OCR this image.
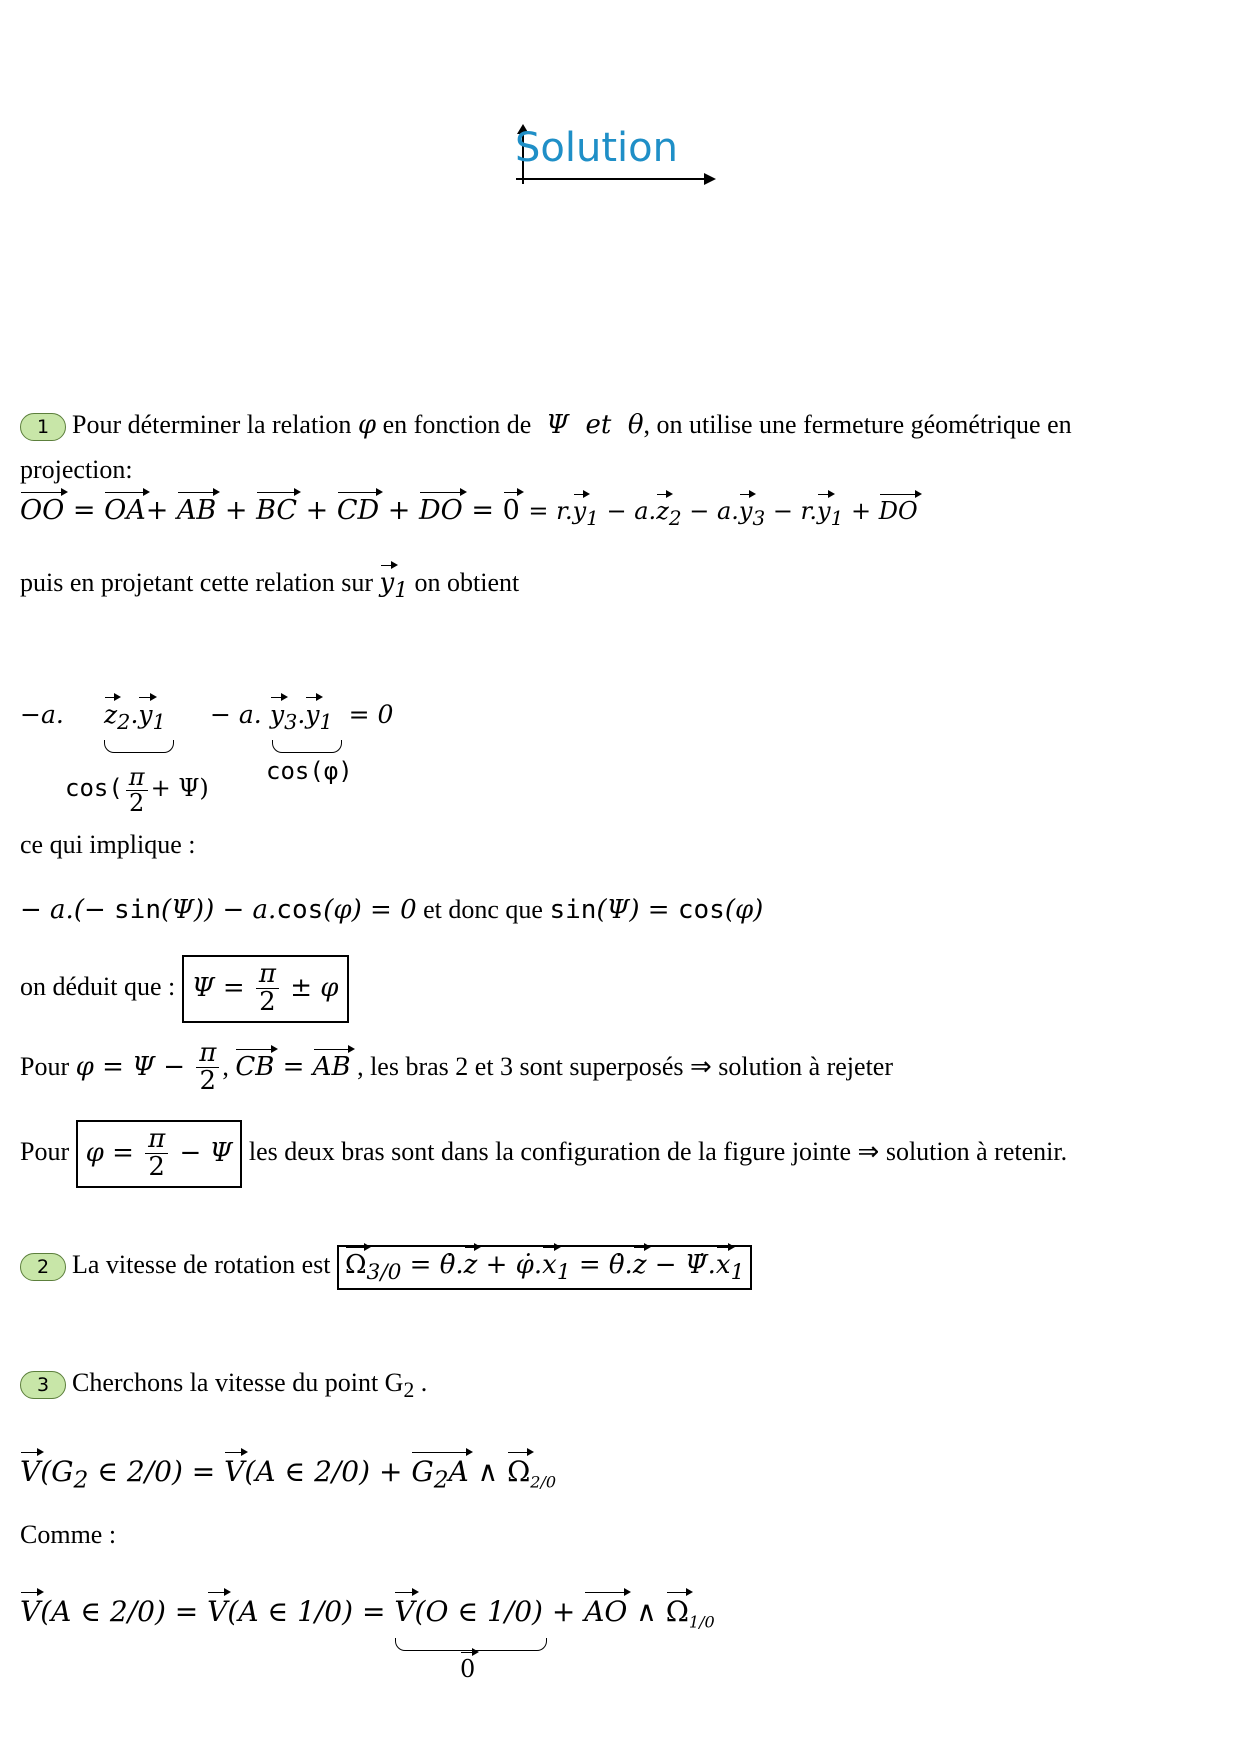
Solution
1 Pour déterminer la relation φ en fonction de  Ψ  et  θ, on utilise une fermeture géométrique en
projection:
OO = OA+ AB + BC + CD + DO = $0 = r.y_1 - a.z_2 - a.y_3 - r.y_1$ + DO
puis en projetant cette relation sur $y_1$ on obtient
−a. $z_2.y_1 - a$. $y_3.y_1 = 0$
$\cos( \frac{\pi}{2} + \Psi)$
cos(φ)
ce qui implique :
− a.(− sin(Ψ)) − a.cos(φ) = 0 et donc que sin(Ψ) = cos(φ)
on déduit que : $\Psi = \frac{\pi}{2} \pm \varphi$
Pour $\varphi = \Psi - \frac{\pi}{2}$ , CB = AB , les bras 2 et 3 sont superposés ⇒ solution à rejeter
Pour $\varphi = \frac{\pi}{2} - \Psi$ les deux bras sont dans la configuration de la figure jointe ⇒ solution à retenir.
2 La vitesse de rotation est $\Omega_{3/0}$ = θ̇.z + $\varphi̇.x_1$ = θ̇.z − $\Psi̇.x_1$
3 Cherchons la vitesse du point $G_2$ .
$V(G_2$ ∈ 2/0) = V(A ∈ $2/0) + G_2A$ ∧ $\Omega_{2/0}$
Comme :
V(A ∈ 2/0) = V(A ∈ 1/0) = V(O ∈ 1/0) + AO ∧ $\Omega_{1/0}$
0
